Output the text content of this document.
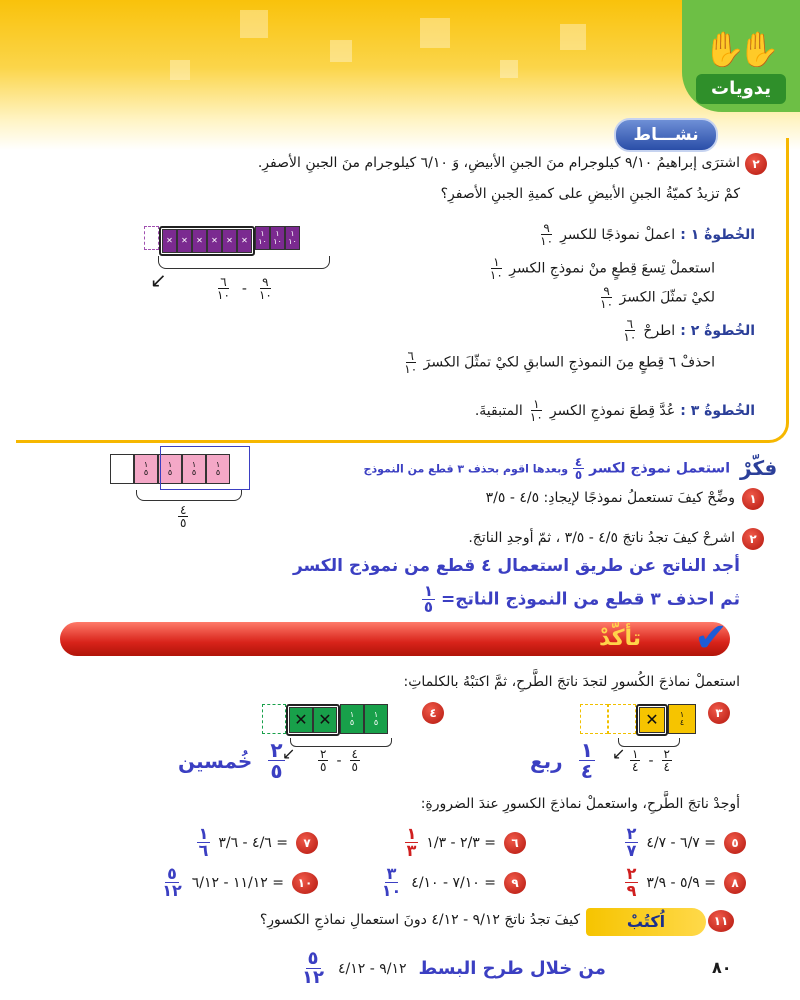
✋✋
يدويات
نشـــاط
٢
اشترَى إبراهيمُ ٩/١٠ كيلوجرام منَ الجبنِ الأبيضِ، وَ ٦/١٠ كيلوجرام منَ الجبنِ الأصفرِ.
كمْ تزيدُ كميّةُ الجبنِ الأبيضِ على كميةِ الجبنِ الأصفرِ؟
الخُطوةُ ١ : اعملْ نموذجًا للكسرِ
$\frac{٩}{١٠}$
استعملْ تِسعَ قِطعٍ منْ نموذجِ الكسرِ
$\frac{١}{١٠}$
لكيْ تمثّلَ الكسرَ
$\frac{٩}{١٠}$
✕	✕	✕	✕	✕	✕
١
١٠
١
١٠
١
١٠
↙	$\frac{٦}{١٠} - \frac{٩}{١٠}$
الخُطوةُ ٢ : اطرحْ
$\frac{٦}{١٠}$
احذفْ ٦ قِطعٍ مِنَ النموذجِ السابقِ لكيْ تمثّلَ الكسرَ
$\frac{٦}{١٠}$
الخُطوةُ ٣ : عُدَّ قِطعَ نموذجِ الكسرِ
$\frac{١}{١٠}$
المتبقيةَ.
فكّرْ
استعمل نموذج لكسر
$\frac{٤}{٥}$
وبعدها اقوم بحذف ٣ قطع من النموذج
١
٥
١
٥
١
٥
١
٥
$\frac{٤}{٥}$
١
وضِّحْ كيفَ تستعملُ نموذجًا لإيجادِ: ٤/٥ - ٣/٥
٢
اشرحْ كيفَ تجدُ ناتجَ ٤/٥ - ٣/٥ ، ثمّ أوجدِ الناتجَ.
أجد الناتج عن طريق استعمال ٤ قطع من نموذج الكسر
ثم احذف ٣ قطع من النموذج الناتج=
$\frac{١}{٥}$
تأكّدْ	✔
استعملْ نماذجَ الكُسورِ لتجدَ ناتجَ الطَّرحِ، ثمَّ اكتبْهُ بالكلماتِ:
٣
✕	١
٤
↙ $\frac{١}{٤} - \frac{٢}{٤}$
ربع $\frac{١}{٤}$
٤
✕ ✕	١
٥
١
٥
↙ $\frac{٢}{٥} - \frac{٤}{٥}$
خُمسين $\frac{٢}{٥}$
أوجدْ ناتجَ الطَّرحِ، واستعملْ نماذجَ الكسورِ عندَ الضرورةِ:
٥
٦/٧ - ٤/٧ =
$\frac{٢}{٧}$
٦
٢/٣ - ١/٣ =
$\frac{١}{٣}$
٧
٤/٦ - ٣/٦ =
$\frac{١}{٦}$
٨
٥/٩ - ٣/٩ =
$\frac{٢}{٩}$
٩
٧/١٠ - ٤/١٠ =
$\frac{٣}{١٠}$
١٠
١١/١٢ - ٦/١٢ =
$\frac{٥}{١٢}$
١١
اُكتُبْ
كيفَ تجدُ ناتجَ ٩/١٢ - ٤/١٢ دونَ استعمالِ نماذجِ الكسورِ؟
من خلال طرح البسط
٩/١٢ - ٤/١٢
$\frac{٥}{١٢}$	٨٠
